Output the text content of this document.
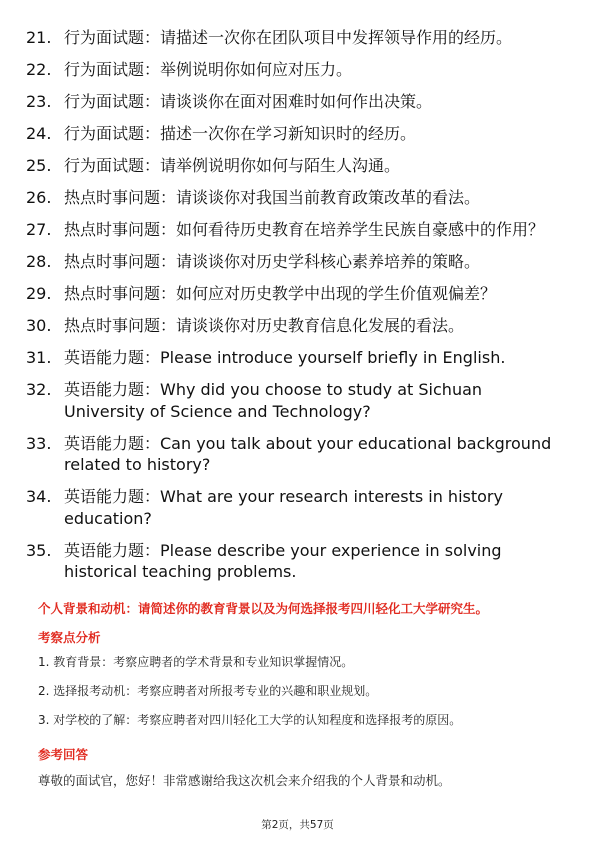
21. 行为面试题：请描述一次你在团队项目中发挥领导作用的经历。
22. 行为面试题：举例说明你如何应对压力。
23. 行为面试题：请谈谈你在面对困难时如何作出决策。
24. 行为面试题：描述一次你在学习新知识时的经历。
25. 行为面试题：请举例说明你如何与陌生人沟通。
26. 热点时事问题：请谈谈你对我国当前教育政策改革的看法。
27. 热点时事问题：如何看待历史教育在培养学生民族自豪感中的作用？
28. 热点时事问题：请谈谈你对历史学科核心素养培养的策略。
29. 热点时事问题：如何应对历史教学中出现的学生价值观偏差？
30. 热点时事问题：请谈谈你对历史教育信息化发展的看法。
31. 英语能力题：Please introduce yourself briefly in English.
32. 英语能力题：Why did you choose to study at Sichuan University of Science and Technology?
33. 英语能力题：Can you talk about your educational background related to history?
34. 英语能力题：What are your research interests in history education?
35. 英语能力题：Please describe your experience in solving historical teaching problems.
个人背景和动机：请简述你的教育背景以及为何选择报考四川轻化工大学研究生。
考察点分析
1. 教育背景：考察应聘者的学术背景和专业知识掌握情况。
2. 选择报考动机：考察应聘者对所报考专业的兴趣和职业规划。
3. 对学校的了解：考察应聘者对四川轻化工大学的认知程度和选择报考的原因。
参考回答
尊敬的面试官，您好！非常感谢给我这次机会来介绍我的个人背景和动机。
第2页，共57页
